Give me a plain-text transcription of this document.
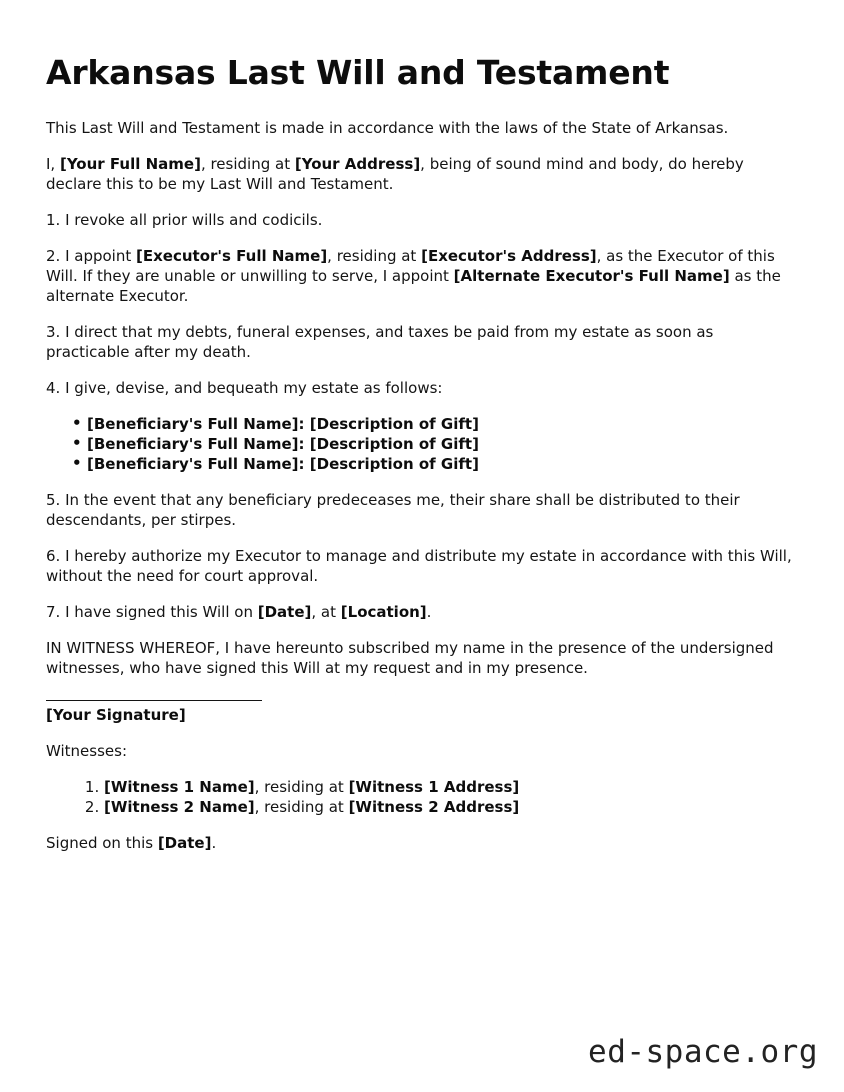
Arkansas Last Will and Testament

This Last Will and Testament is made in accordance with the laws of the State of Arkansas.

I, [Your Full Name], residing at [Your Address], being of sound mind and body, do hereby declare this to be my Last Will and Testament.

1. I revoke all prior wills and codicils.

2. I appoint [Executor's Full Name], residing at [Executor's Address], as the Executor of this Will. If they are unable or unwilling to serve, I appoint [Alternate Executor's Full Name] as the alternate Executor.

3. I direct that my debts, funeral expenses, and taxes be paid from my estate as soon as practicable after my death.

4. I give, devise, and bequeath my estate as follows:

• [Beneficiary's Full Name]: [Description of Gift]
• [Beneficiary's Full Name]: [Description of Gift]
• [Beneficiary's Full Name]: [Description of Gift]

5. In the event that any beneficiary predeceases me, their share shall be distributed to their descendants, per stirpes.

6. I hereby authorize my Executor to manage and distribute my estate in accordance with this Will, without the need for court approval.

7. I have signed this Will on [Date], at [Location].

IN WITNESS WHEREOF, I have hereunto subscribed my name in the presence of the undersigned witnesses, who have signed this Will at my request and in my presence.

[Your Signature]

Witnesses:

1. [Witness 1 Name], residing at [Witness 1 Address]
2. [Witness 2 Name], residing at [Witness 2 Address]

Signed on this [Date].

ed-space.org
